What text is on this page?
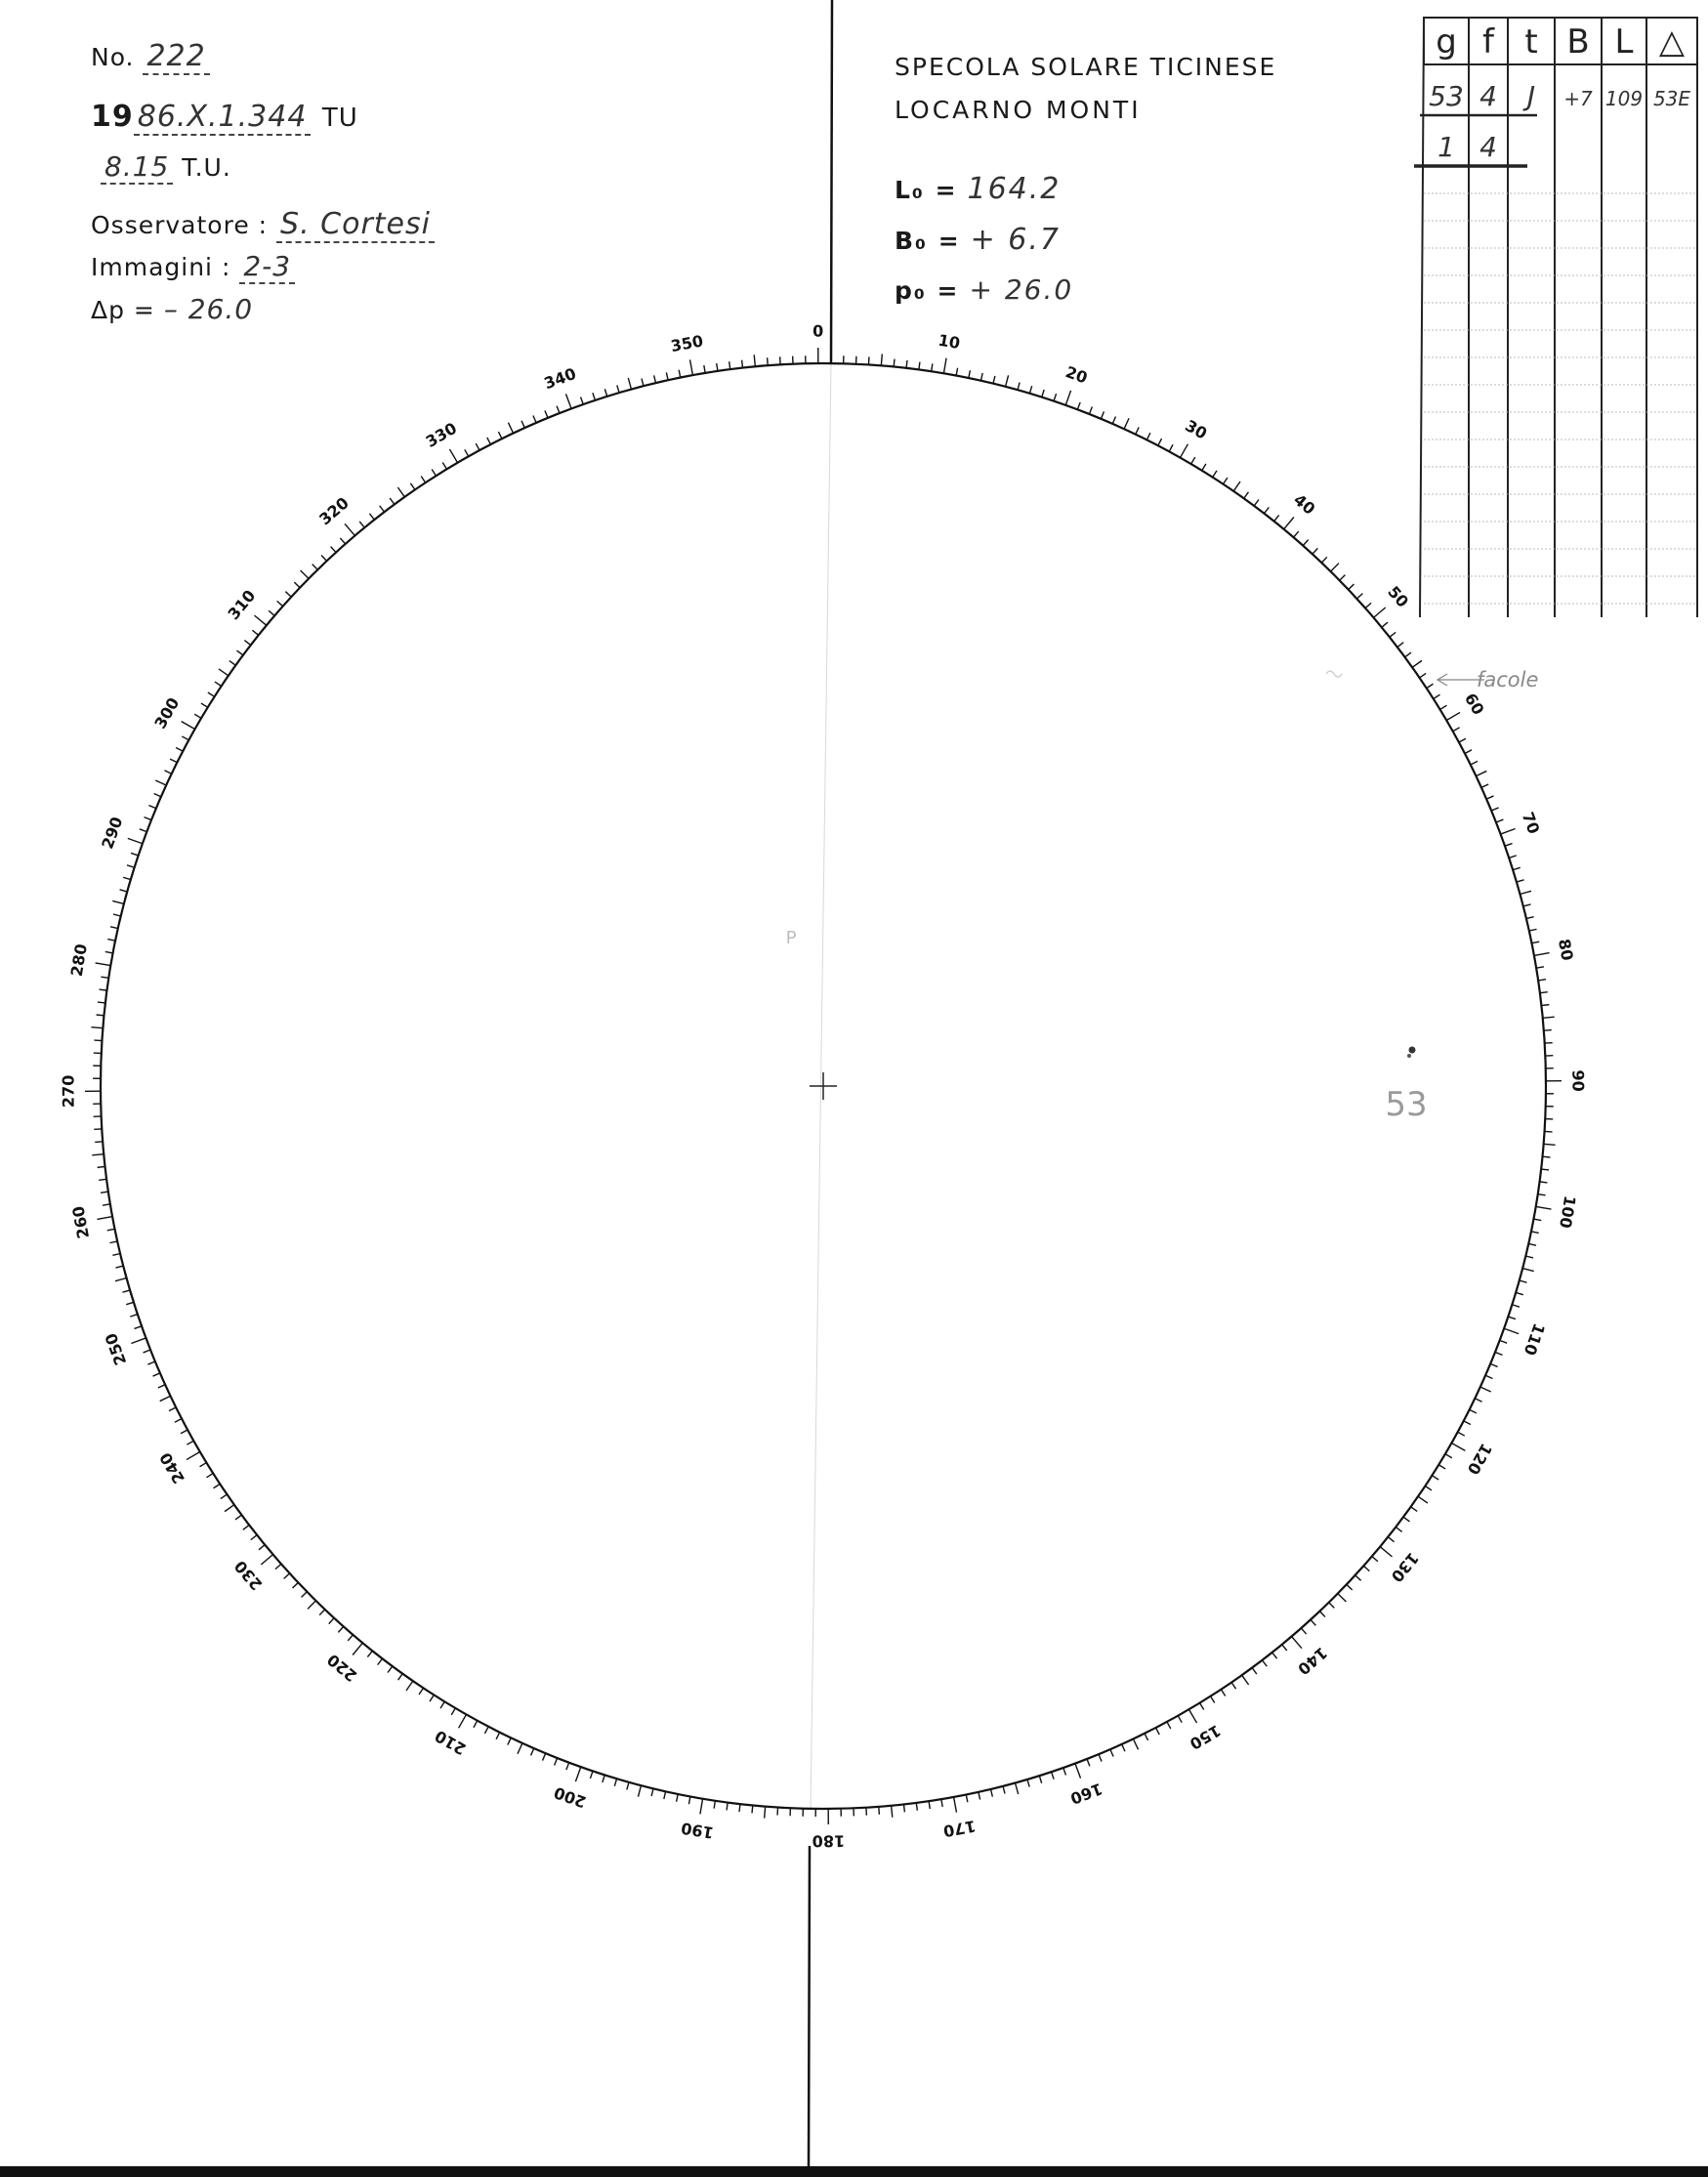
No. 222
19 86.X.1.344 TU
8.15 T.U.
Osservatore : S. Cortesi
Immagini : 2-3
Δp = – 26.0
SPECOLA SOLARE TICINESE
LOCARNO MONTI
L₀ = 164.2
B₀ = + 6.7
p₀ = + 26.0
g f t B L △
53 4 J +7 109 53E
1 4
0	10
20
30
40
50
60
70
80
90
100
110
120
130
140
150
160
170
180
190
200
210
220
230
240
250
260
270
280
290
300
310
320
330
340
350
P
facole
53
